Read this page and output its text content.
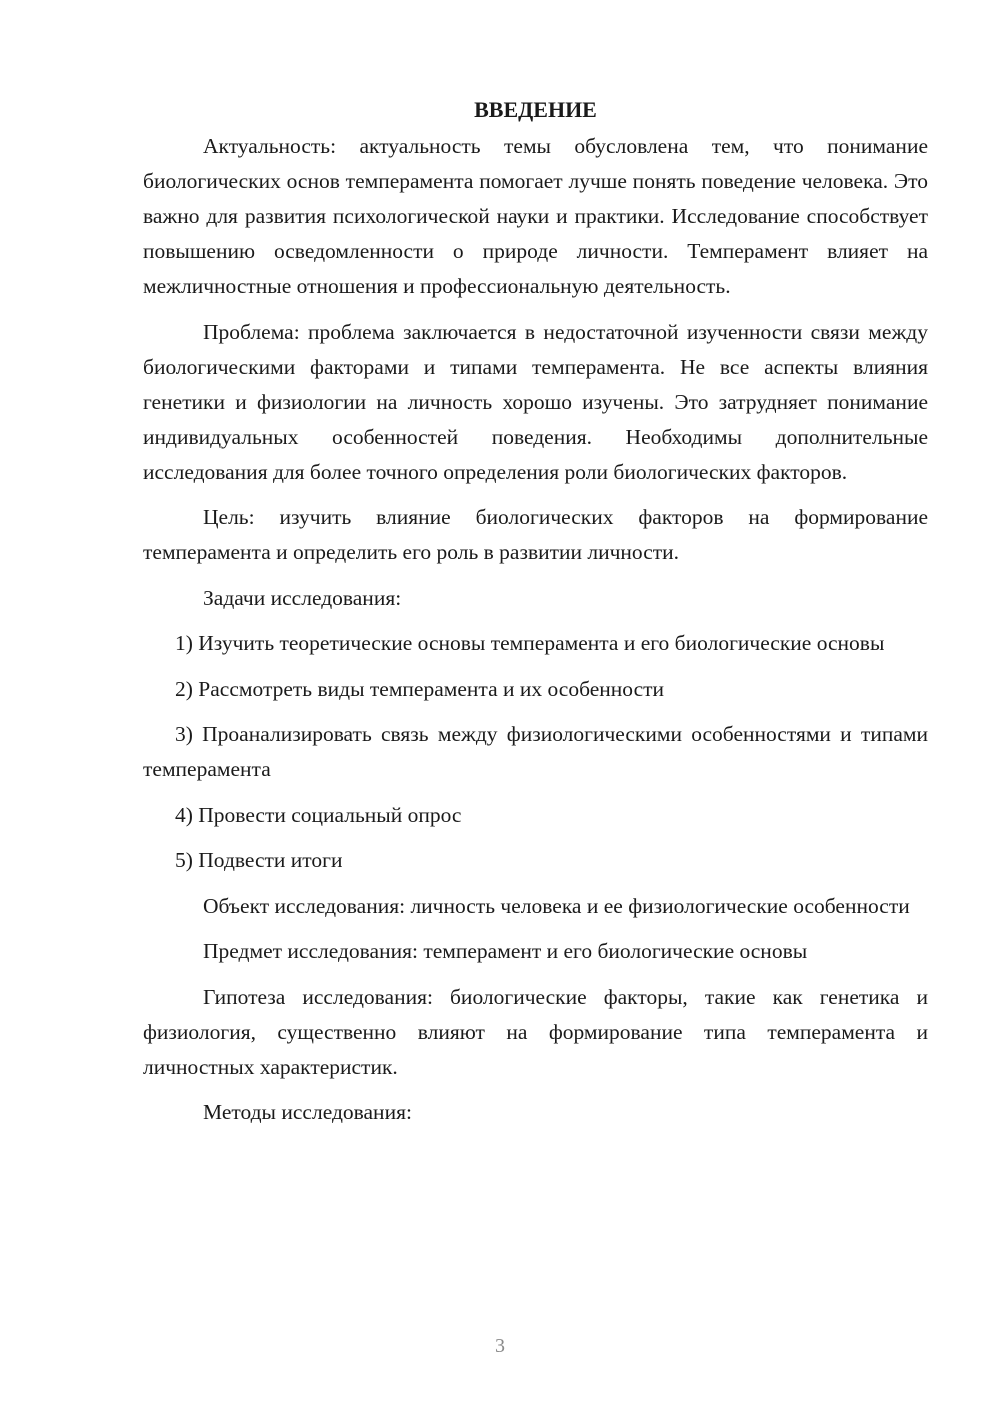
ВВЕДЕНИЕ

Актуальность: актуальность темы обусловлена тем, что понимание биологических основ темперамента помогает лучше понять поведение человека. Это важно для развития психологической науки и практики. Исследование способствует повышению осведомленности о природе личности. Темперамент влияет на межличностные отношения и профессиональную деятельность.

Проблема: проблема заключается в недостаточной изученности связи между биологическими факторами и типами темперамента. Не все аспекты влияния генетики и физиологии на личность хорошо изучены. Это затрудняет понимание индивидуальных особенностей поведения. Необходимы дополнительные исследования для более точного определения роли биологических факторов.

Цель: изучить влияние биологических факторов на формирование темперамента и определить его роль в развитии личности.

Задачи исследования:

1) Изучить теоретические основы темперамента и его биологические основы

2) Рассмотреть виды темперамента и их особенности

3) Проанализировать связь между физиологическими особенностями и типами темперамента

4) Провести социальный опрос

5) Подвести итоги

Объект исследования: личность человека и ее физиологические особенности

Предмет исследования: темперамент и его биологические основы

Гипотеза исследования: биологические факторы, такие как генетика и физиология, существенно влияют на формирование типа темперамента и личностных характеристик.

Методы исследования:

3
